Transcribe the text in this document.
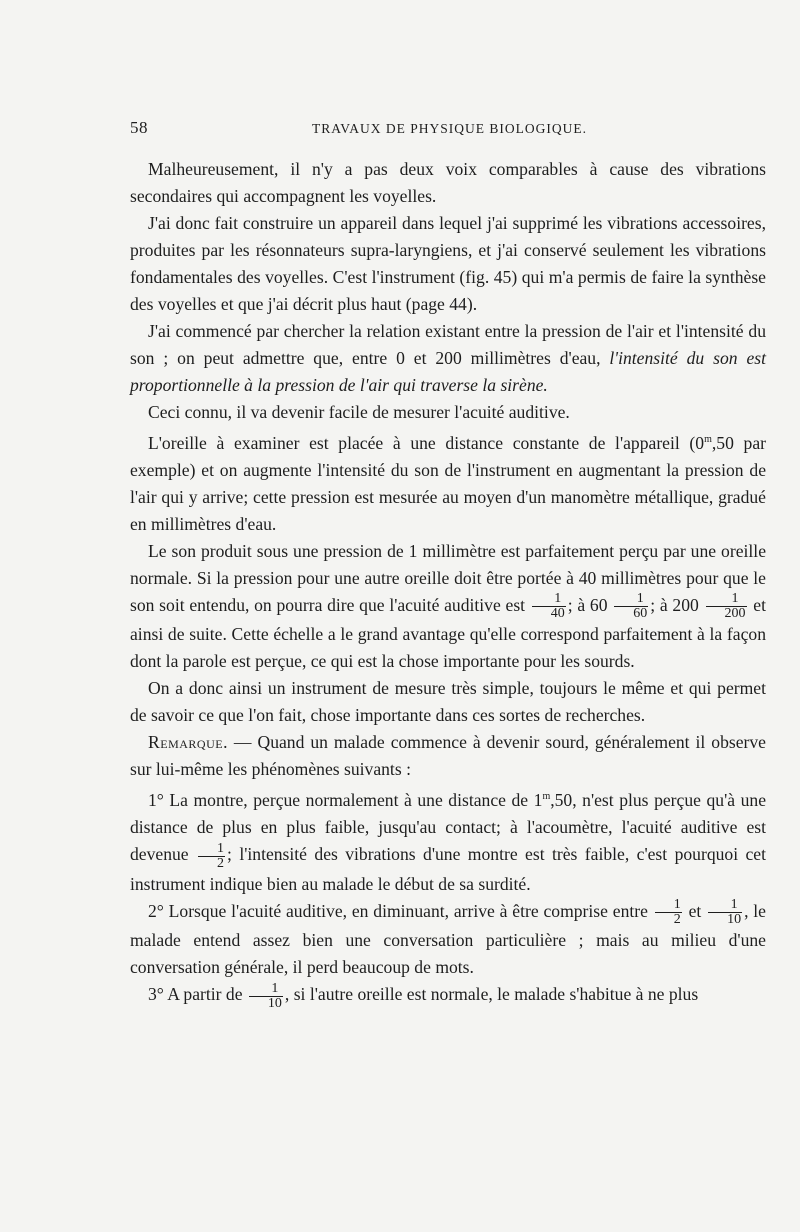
58	TRAVAUX DE PHYSIQUE BIOLOGIQUE.

Malheureusement, il n'y a pas deux voix comparables à cause des vibrations secondaires qui accompagnent les voyelles.

J'ai donc fait construire un appareil dans lequel j'ai supprimé les vibrations accessoires, produites par les résonnateurs supra-laryngiens, et j'ai conservé seulement les vibrations fondamentales des voyelles. C'est l'instrument (fig. 45) qui m'a permis de faire la synthèse des voyelles et que j'ai décrit plus haut (page 44).

J'ai commencé par chercher la relation existant entre la pression de l'air et l'intensité du son ; on peut admettre que, entre 0 et 200 millimètres d'eau, l'intensité du son est proportionnelle à la pression de l'air qui traverse la sirène.

Ceci connu, il va devenir facile de mesurer l'acuité auditive.

L'oreille à examiner est placée à une distance constante de l'appareil (0$^m$,50 par exemple) et on augmente l'intensité du son de l'instrument en augmentant la pression de l'air qui y arrive; cette pression est mesurée au moyen d'un manomètre métallique, gradué en millimètres d'eau.

Le son produit sous une pression de 1 millimètre est parfaitement perçu par une oreille normale. Si la pression pour une autre oreille doit être portée à 40 millimètres pour que le son soit entendu, on pourra dire que l'acuité auditive est $\frac{1}{40}$ ; à $60 \frac{1}{60}$ ; à $200 \frac{1}{200}$ et ainsi de suite. Cette échelle a le grand avantage qu'elle correspond parfaitement à la façon dont la parole est perçue, ce qui est la chose importante pour les sourds.

On a donc ainsi un instrument de mesure très simple, toujours le même et qui permet de savoir ce que l'on fait, chose importante dans ces sortes de recherches.

Remarque. — Quand un malade commence à devenir sourd, généralement il observe sur lui-même les phénomènes suivants :

1° La montre, perçue normalement à une distance de 1$^m$,50, n'est plus perçue qu'à une distance de plus en plus faible, jusqu'au contact; à l'acoumètre, l'acuité auditive est devenue $\frac{1}{2}$ ; l'intensité des vibrations d'une montre est très faible, c'est pourquoi cet instrument indique bien au malade le début de sa surdité.

2° Lorsque l'acuité auditive, en diminuant, arrive à être comprise entre $\frac{1}{2}$ et $\frac{1}{10}$ , le malade entend assez bien une conversation particulière ; mais au milieu d'une conversation générale, il perd beaucoup de mots.

3° A partir de $\frac{1}{10}$ , si l'autre oreille est normale, le malade s'habitue à ne plus
